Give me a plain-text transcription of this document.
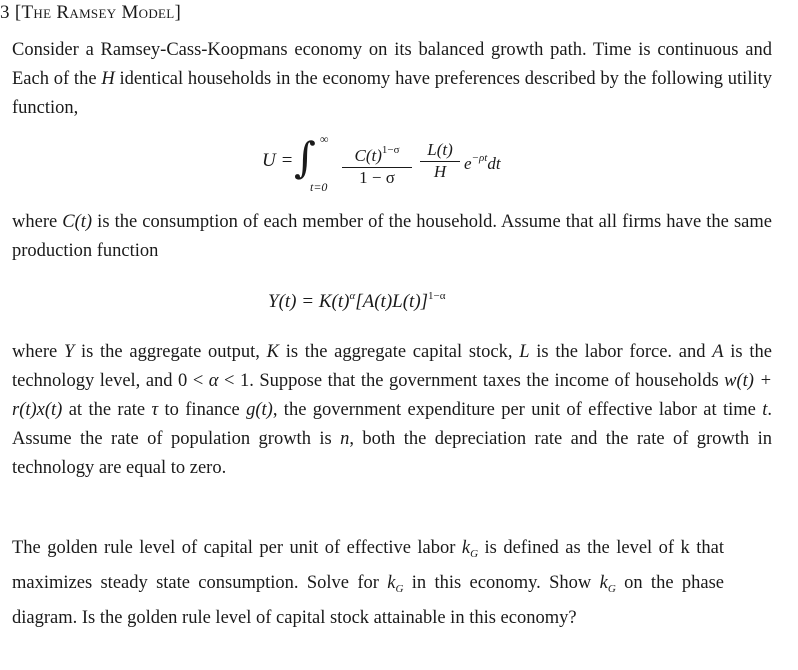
3 [The Ramsey Model]
Consider a Ramsey-Cass-Koopmans economy on its balanced growth path. Time is continuous and Each of the H identical households in the economy have preferences described by the following utility function,
U = ∫ ∞
t=0
$C(t)^{1-\sigma}$
1 − σ
L(t)
H	$e^{-\rho t}dt$
where C(t) is the consumption of each member of the household. Assume that all firms have the same production function
$Y(t) = K(t)^\alpha[A(t)L(t)]^{1-\alpha}$
where Y is the aggregate output, K is the aggregate capital stock, L is the labor force. and A is the technology level, and 0 < α < 1. Suppose that the government taxes the income of households w(t) + r(t)x(t) at the rate τ to finance g(t), the government expenditure per unit of effective labor at time t. Assume the rate of population growth is n, both the depreciation rate and the rate of growth in technology are equal to zero.
The golden rule level of capital per unit of effective labor $k_G$ is defined as the level of k that maximizes steady state consumption. Solve for $k_G$ in this economy. Show $k_G$ on the phase diagram. Is the golden rule level of capital stock attainable in this economy?
